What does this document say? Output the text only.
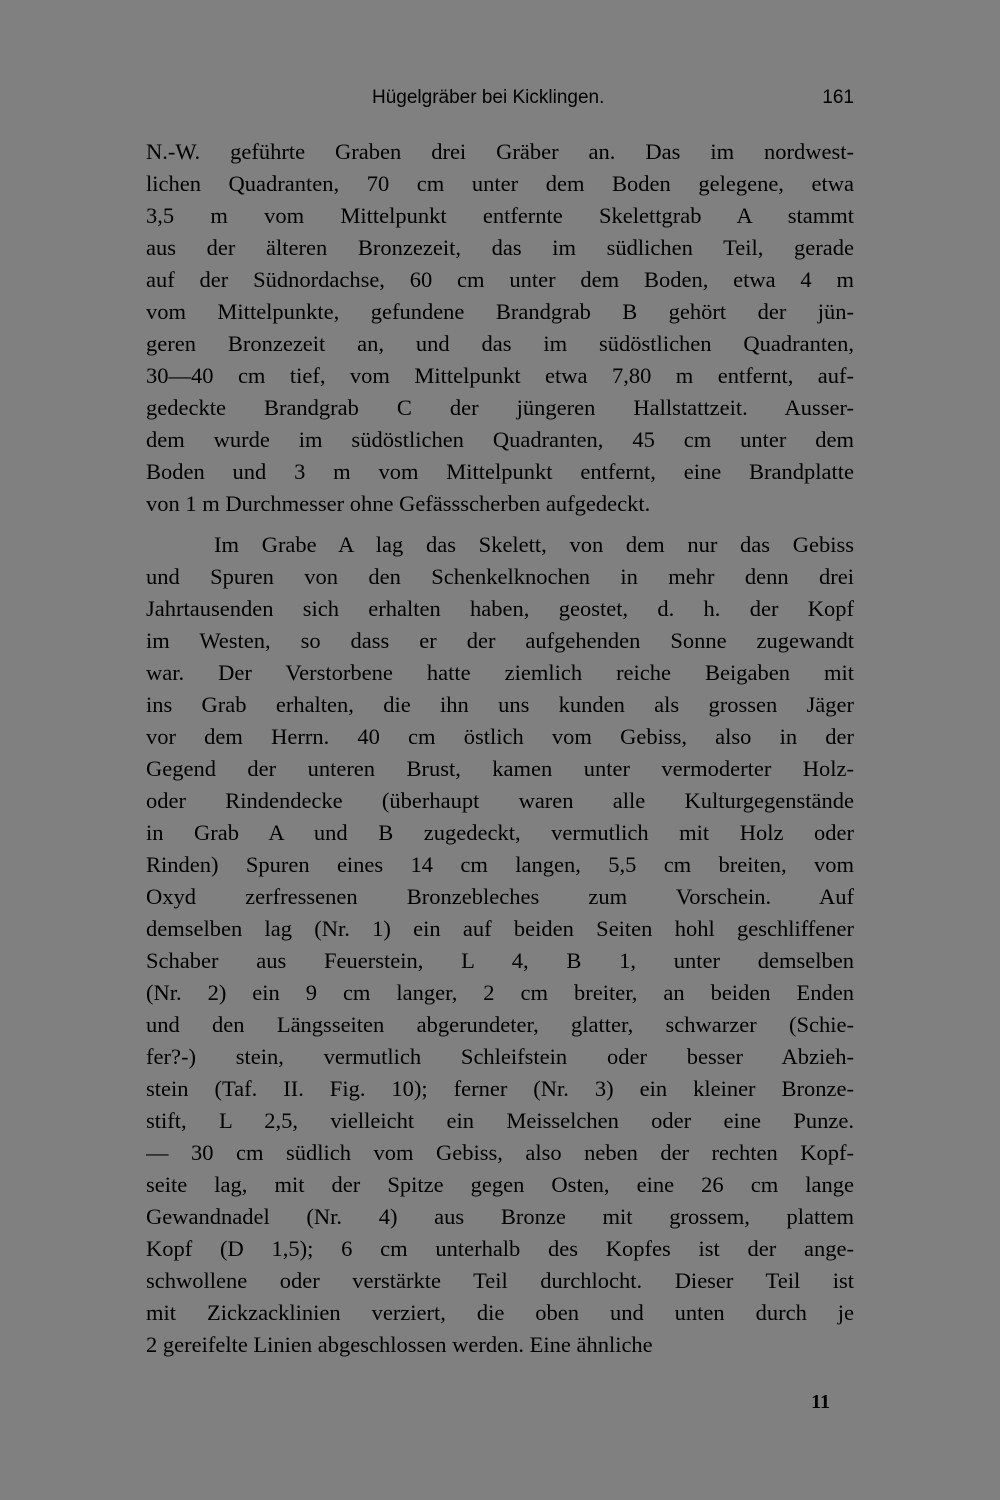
Hügelgräber bei Kicklingen.	161
N.-W. geführte Graben drei Gräber an. Das im nordwest-
lichen Quadranten, 70 cm unter dem Boden gelegene, etwa
3,5 m vom Mittelpunkt entfernte Skelettgrab A stammt
aus der älteren Bronzezeit, das im südlichen Teil, gerade
auf der Südnordachse, 60 cm unter dem Boden, etwa 4 m
vom Mittelpunkte, gefundene Brandgrab B gehört der jün-
geren Bronzezeit an, und das im südöstlichen Quadranten,
30—40 cm tief, vom Mittelpunkt etwa 7,80 m entfernt, auf-
gedeckte Brandgrab C der jüngeren Hallstattzeit. Ausser-
dem wurde im südöstlichen Quadranten, 45 cm unter dem
Boden und 3 m vom Mittelpunkt entfernt, eine Brandplatte
von 1 m Durchmesser ohne Gefässscherben aufgedeckt.
Im Grabe A lag das Skelett, von dem nur das Gebiss
und Spuren von den Schenkelknochen in mehr denn drei
Jahrtausenden sich erhalten haben, geostet, d. h. der Kopf
im Westen, so dass er der aufgehenden Sonne zugewandt
war. Der Verstorbene hatte ziemlich reiche Beigaben mit
ins Grab erhalten, die ihn uns kunden als grossen Jäger
vor dem Herrn. 40 cm östlich vom Gebiss, also in der
Gegend der unteren Brust, kamen unter vermoderter Holz-
oder Rindendecke (überhaupt waren alle Kulturgegenstände
in Grab A und B zugedeckt, vermutlich mit Holz oder
Rinden) Spuren eines 14 cm langen, 5,5 cm breiten, vom
Oxyd zerfressenen Bronzebleches zum Vorschein. Auf
demselben lag (Nr. 1) ein auf beiden Seiten hohl geschliffener
Schaber aus Feuerstein, L 4, B 1, unter demselben
(Nr. 2) ein 9 cm langer, 2 cm breiter, an beiden Enden
und den Längsseiten abgerundeter, glatter, schwarzer (Schie-
fer?-) stein, vermutlich Schleifstein oder besser Abzieh-
stein (Taf. II. Fig. 10); ferner (Nr. 3) ein kleiner Bronze-
stift, L 2,5, vielleicht ein Meisselchen oder eine Punze.
— 30 cm südlich vom Gebiss, also neben der rechten Kopf-
seite lag, mit der Spitze gegen Osten, eine 26 cm lange
Gewandnadel (Nr. 4) aus Bronze mit grossem, plattem
Kopf (D 1,5); 6 cm unterhalb des Kopfes ist der ange-
schwollene oder verstärkte Teil durchlocht. Dieser Teil ist
mit Zickzacklinien verziert, die oben und unten durch je
2 gereifelte Linien abgeschlossen werden. Eine ähnliche
11
